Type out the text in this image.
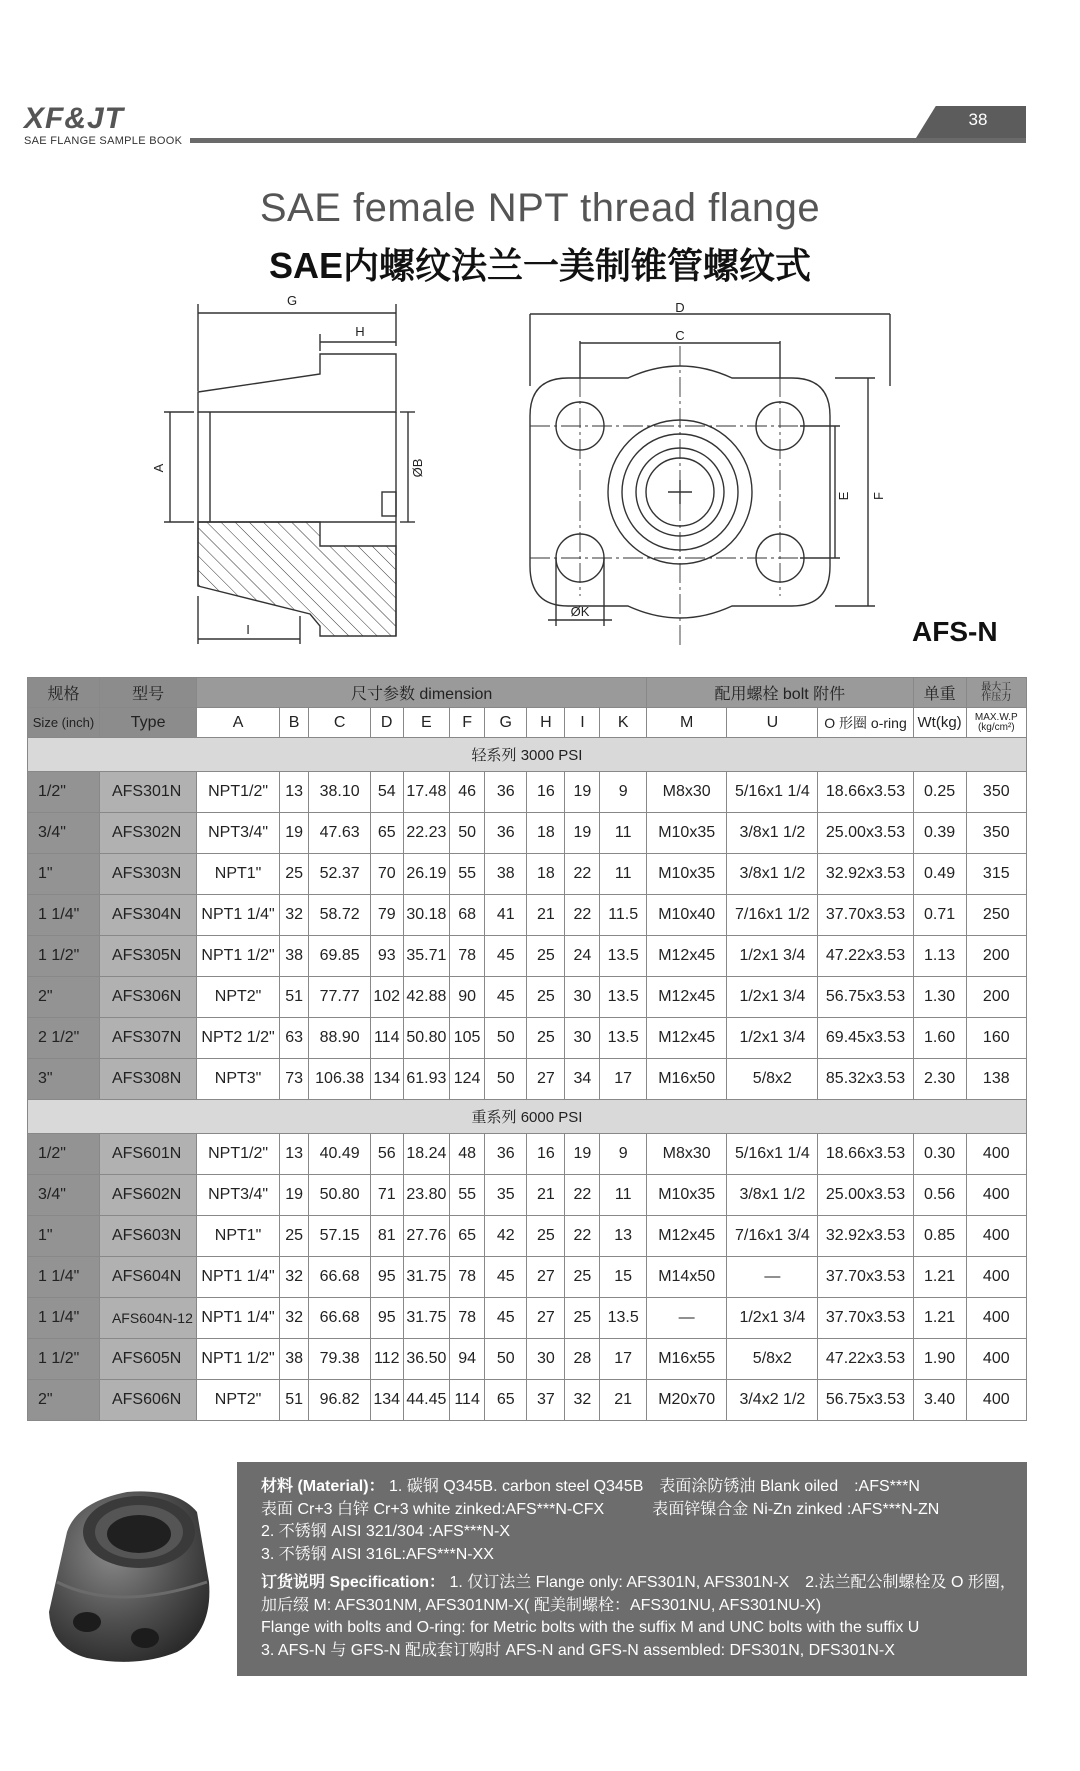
XF&JT
SAE FLANGE SAMPLE BOOK
38
SAE female NPT thread flange
SAE内螺纹法兰一美制锥管螺纹式
G
H
A	ØB
I
D
C
E F
ØK
AFS-N
规格	型号	尺寸参数 dimension										配用螺栓 bolt 附件			单重	最大工
作压力

Size (inch)	Type	A	B	C	D	E	F	G	H	I	K	M	U	O 形圈 o-ring	Wt(kg)	MAX.W.P
(kg/cm²)

轻系列 3000 PSI																
1/2"	AFS301N	NPT1/2"	13	38.10	54	17.48	46	36	16	19	9	M8x30	5/16x1 1/4	18.66x3.53	0.25	350
3/4"	AFS302N	NPT3/4"	19	47.63	65	22.23	50	36	18	19	11	M10x35	3/8x1 1/2	25.00x3.53	0.39	350
1"	AFS303N	NPT1"	25	52.37	70	26.19	55	38	18	22	11	M10x35	3/8x1 1/2	32.92x3.53	0.49	315
1 1/4"	AFS304N	NPT1 1/4"	32	58.72	79	30.18	68	41	21	22	11.5	M10x40	7/16x1 1/2	37.70x3.53	0.71	250
1 1/2"	AFS305N	NPT1 1/2"	38	69.85	93	35.71	78	45	25	24	13.5	M12x45	1/2x1 3/4	47.22x3.53	1.13	200
2"	AFS306N	NPT2"	51	77.77	102	42.88	90	45	25	30	13.5	M12x45	1/2x1 3/4	56.75x3.53	1.30	200
2 1/2"	AFS307N	NPT2 1/2"	63	88.90	114	50.80	105	50	25	30	13.5	M12x45	1/2x1 3/4	69.45x3.53	1.60	160
3"	AFS308N	NPT3"	73	106.38	134	61.93	124	50	27	34	17	M16x50	5/8x2	85.32x3.53	2.30	138
重系列 6000 PSI																
1/2"	AFS601N	NPT1/2"	13	40.49	56	18.24	48	36	16	19	9	M8x30	5/16x1 1/4	18.66x3.53	0.30	400
3/4"	AFS602N	NPT3/4"	19	50.80	71	23.80	55	35	21	22	11	M10x35	3/8x1 1/2	25.00x3.53	0.56	400
1"	AFS603N	NPT1"	25	57.15	81	27.76	65	42	25	22	13	M12x45	7/16x1 3/4	32.92x3.53	0.85	400
1 1/4"	AFS604N	NPT1 1/4"	32	66.68	95	31.75	78	45	27	25	15	M14x50	—	37.70x3.53	1.21	400
1 1/4"	AFS604N-12	NPT1 1/4"	32	66.68	95	31.75	78	45	27	25	13.5	—	1/2x1 3/4	37.70x3.53	1.21	400
1 1/2"	AFS605N	NPT1 1/2"	38	79.38	112	36.50	94	50	30	28	17	M16x55	5/8x2	47.22x3.53	1.90	400
2"	AFS606N	NPT2"	51	96.82	134	44.45	114	65	37	32	21	M20x70	3/4x2 1/2	56.75x3.53	3.40	400
材料 (Material)： 1. 碳钢 Q345B. carbon steel Q345B　表面涂防锈油 Blank oiled　:AFS***N
表面 Cr+3 白锌 Cr+3 white zinked:AFS***N-CFX　　　表面锌镍合金 Ni-Zn zinked :AFS***N-ZN
2. 不锈钢 AISI 321/304 :AFS***N-X
3. 不锈钢 AISI 316L:AFS***N-XX
订货说明 Specification： 1. 仅订法兰 Flange only: AFS301N, AFS301N-X　2.法兰配公制螺栓及 O 形圈，
加后缀 M: AFS301NM, AFS301NM-X( 配美制螺栓：AFS301NU, AFS301NU-X)
Flange with bolts and O-ring: for Metric bolts with the suffix M and UNC bolts with the suffix U
3. AFS-N 与 GFS-N 配成套订购时 AFS-N and GFS-N assembled: DFS301N, DFS301N-X
